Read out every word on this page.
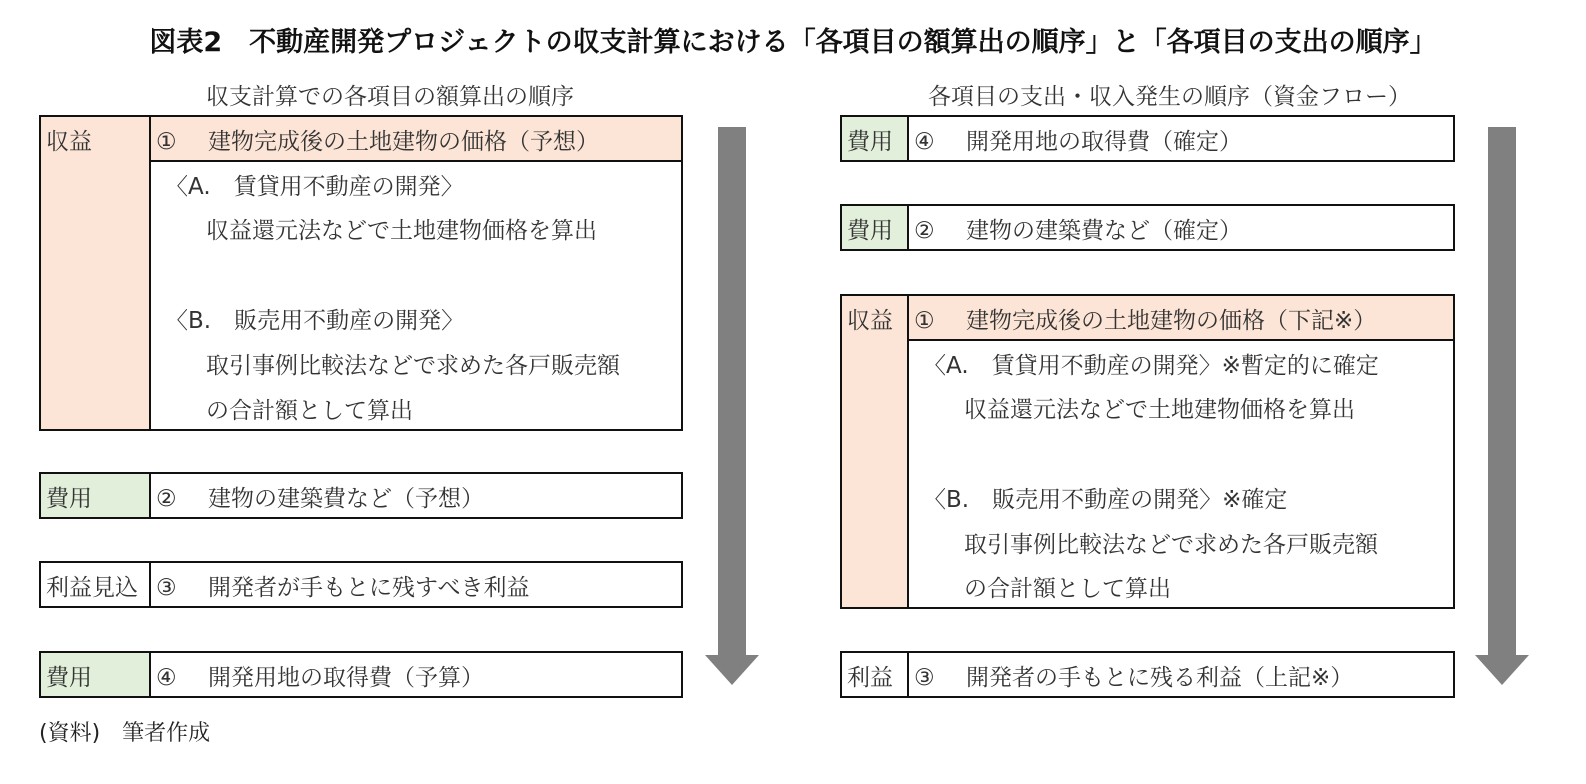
図表2　不動産開発プロジェクトの収支計算における「各項目の額算出の順序」と「各項目の支出の順序」
収支計算での各項目の額算出の順序
収益	① 建物完成後の土地建物の価格（予想）
〈A.　賃貸用不動産の開発〉
収益還元法などで土地建物価格を算出
〈B.　販売用不動産の開発〉
取引事例比較法などで求めた各戸販売額
の合計額として算出
費用	② 建物の建築費など（予想）
利益見込 ③ 開発者が手もとに残すべき利益
費用	④ 開発用地の取得費（予算）
各項目の支出・収入発生の順序（資金フロー）
費用 ④ 開発用地の取得費（確定）
費用 ② 建物の建築費など（確定）
収益 ① 建物完成後の土地建物の価格（下記※）
〈A.　賃貸用不動産の開発〉※暫定的に確定
収益還元法などで土地建物価格を算出
〈B.　販売用不動産の開発〉※確定
取引事例比較法などで求めた各戸販売額
の合計額として算出
利益 ③ 開発者の手もとに残る利益（上記※）
(資料)　筆者作成
